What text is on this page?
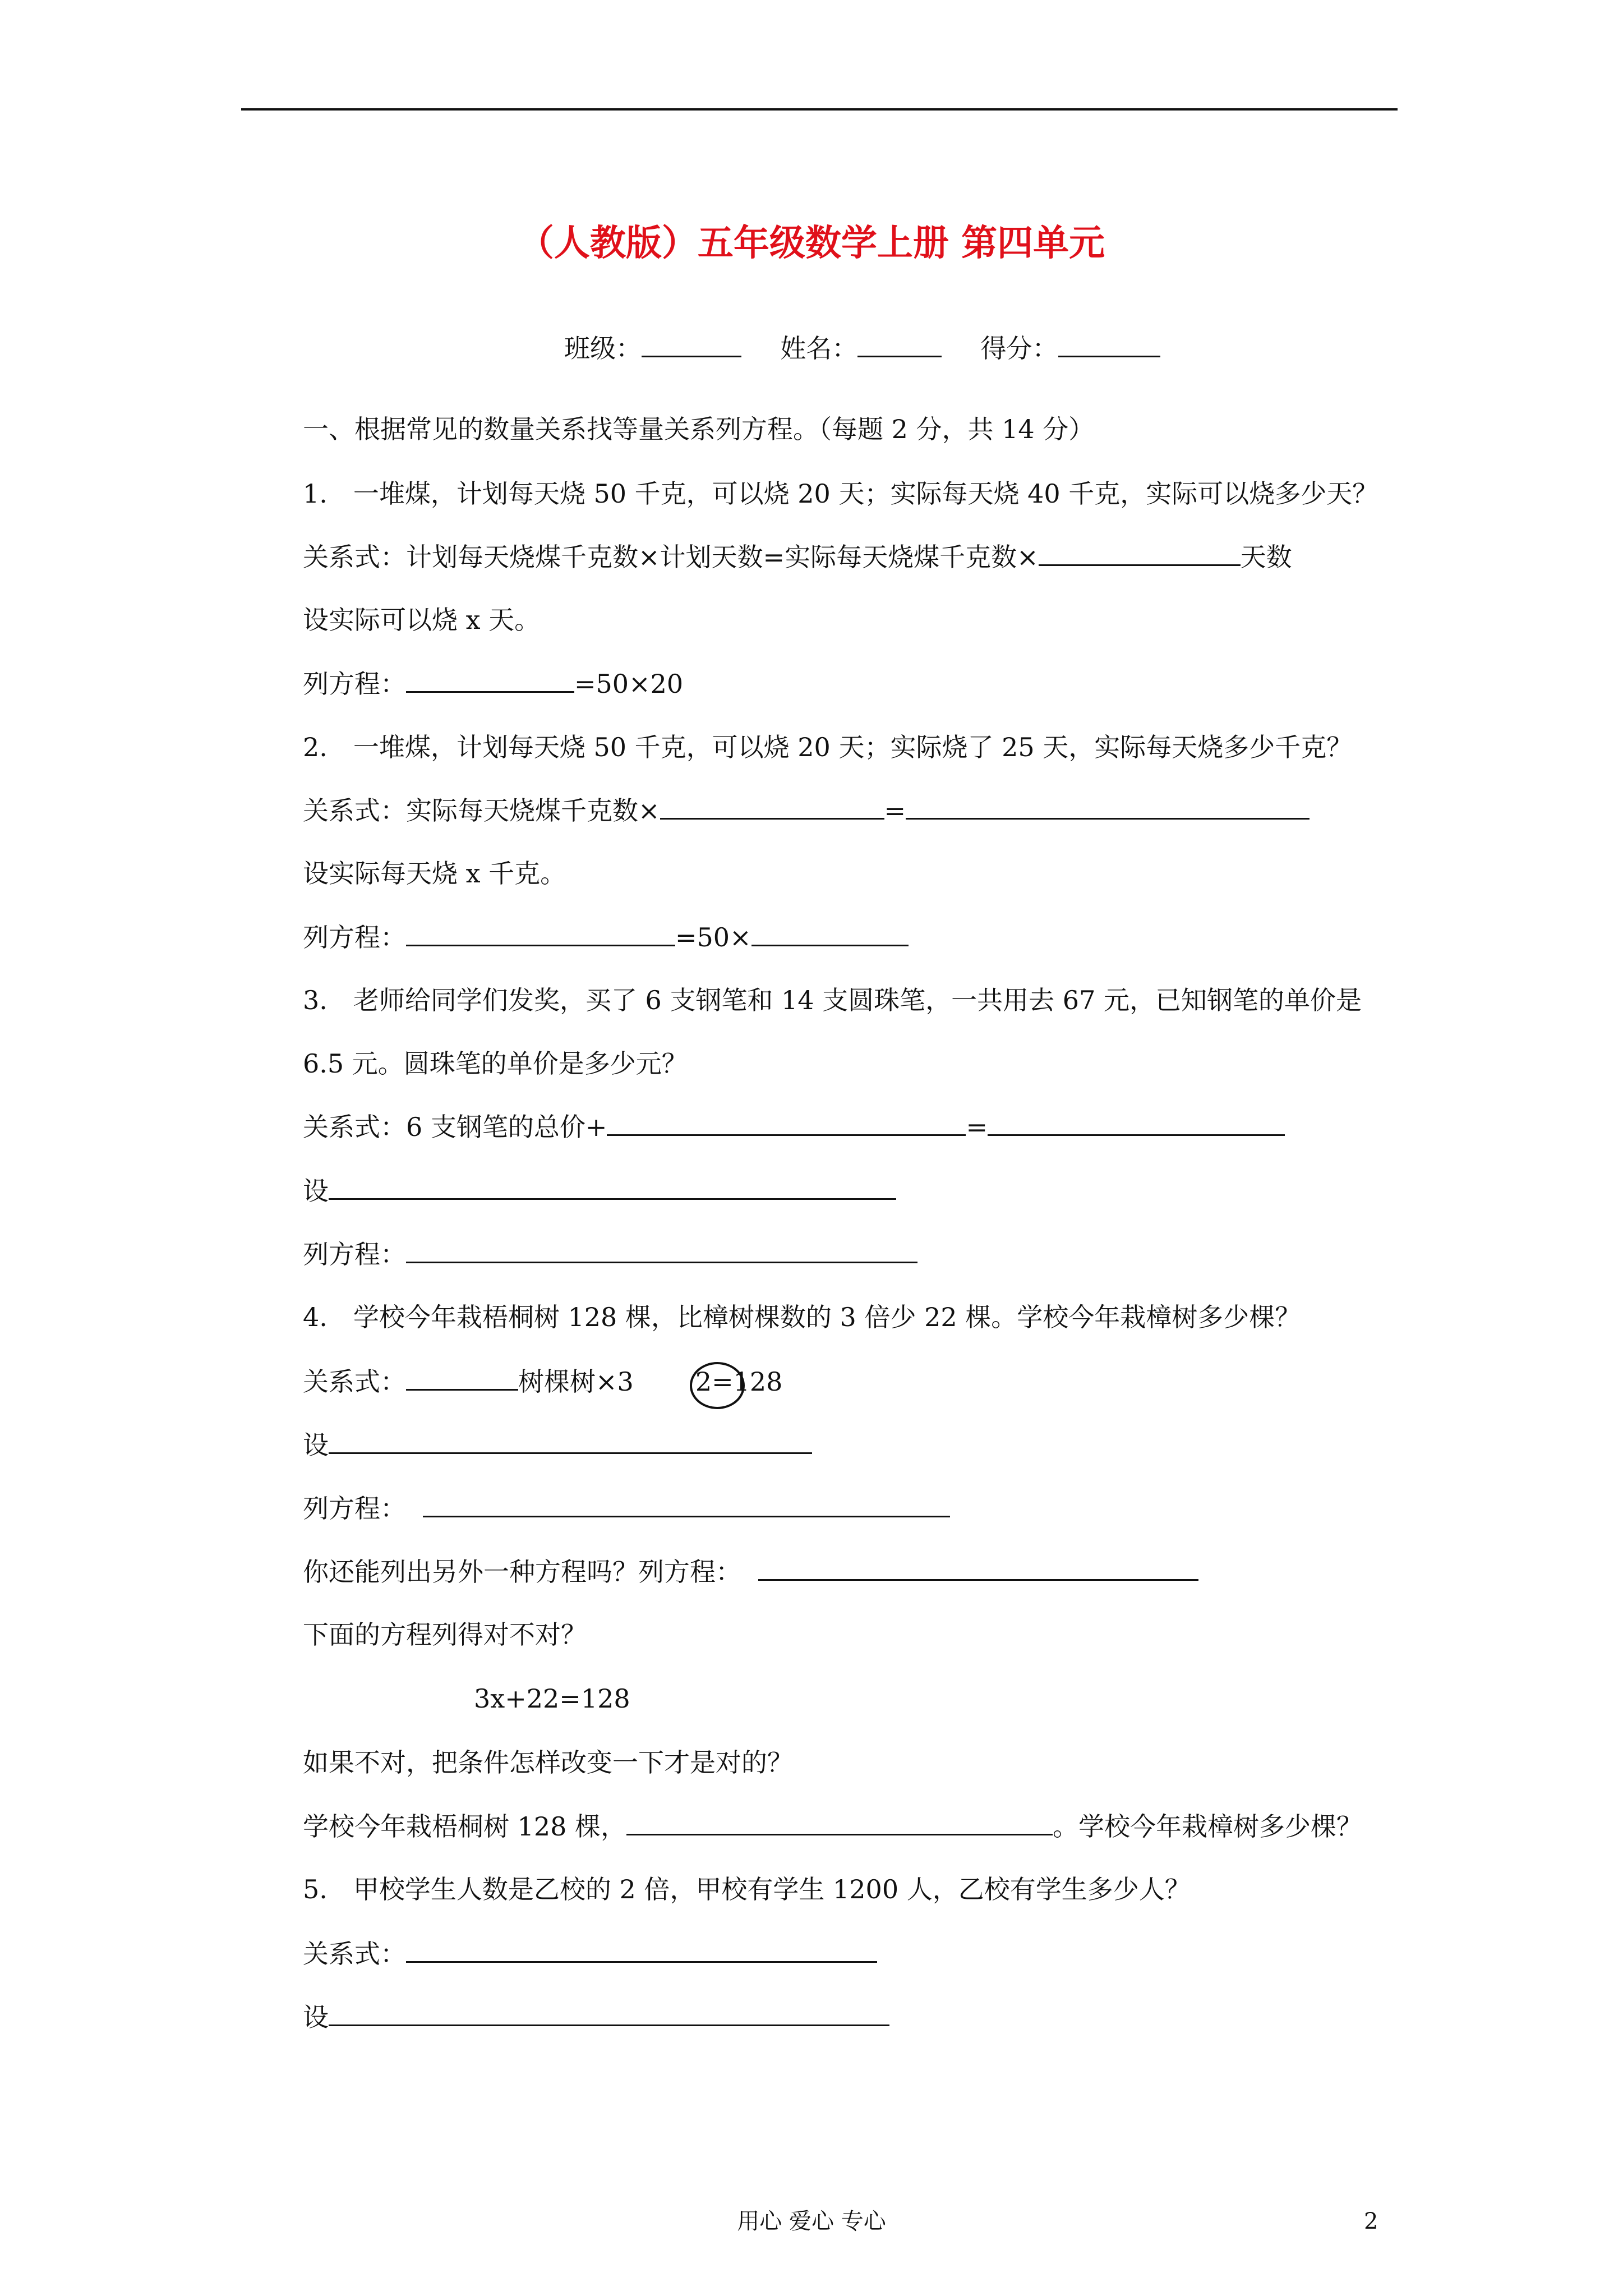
（人教版）五年级数学上册 第四单元
班级：	姓名：	得分：
一、根据常见的数量关系找等量关系列方程。（每题 2 分，共 14 分）
1.　一堆煤，计划每天烧 50 千克，可以烧 20 天；实际每天烧 40 千克，实际可以烧多少天？
关系式：计划每天烧煤千克数×计划天数=实际每天烧煤千克数×	天数
设实际可以烧 x 天。
列方程：	=50×20
2.　一堆煤，计划每天烧 50 千克，可以烧 20 天；实际烧了 25 天，实际每天烧多少千克？
关系式：实际每天烧煤千克数×	=
设实际每天烧 x 千克。
列方程：	=50×
3.　老师给同学们发奖，买了 6 支钢笔和 14 支圆珠笔，一共用去 67 元，已知钢笔的单价是
6.5 元。圆珠笔的单价是多少元？
关系式：6 支钢笔的总价+	=
设
列方程：
4.　学校今年栽梧桐树 128 棵，比樟树棵数的 3 倍少 22 棵。学校今年栽樟树多少棵？
关系式：	树棵树×3 2=128
设
列方程：
你还能列出另外一种方程吗？列方程：
下面的方程列得对不对？
3x+22=128
如果不对，把条件怎样改变一下才是对的？
学校今年栽梧桐树 128 棵，	。学校今年栽樟树多少棵？
5.　甲校学生人数是乙校的 2 倍，甲校有学生 1200 人，乙校有学生多少人？
关系式：
设
用心 爱心 专心	2
